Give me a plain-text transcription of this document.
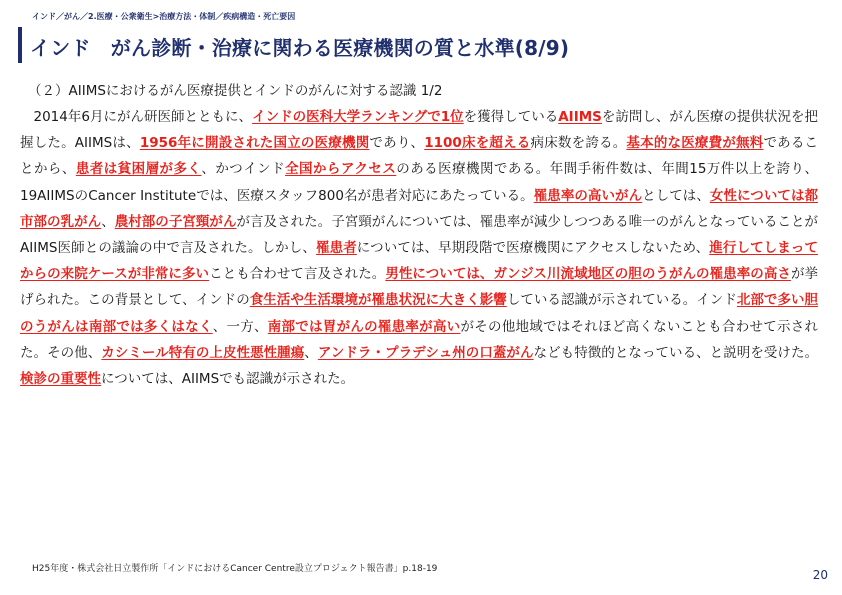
インド／がん／2.医療・公衆衛生>治療方法・体制／疾病構造・死亡要因
インド　がん診断・治療に関わる医療機関の質と水準(8/9)
（２）AIIMSにおけるがん医療提供とインドのがんに対する認識 1/2
　2014年6月にがん研医師とともに、インドの医科大学ランキングで1位を獲得しているAIIMSを訪問し、がん医療の提供状況を把握した。AIIMSは、1956年に開設された国立の医療機関であり、1100床を超える病床数を誇る。基本的な医療費が無料であることから、患者は貧困層が多く、かつインド全国からアクセスのある医療機関である。年間手術件数は、年間15万件以上を誇り、19AIIMSのCancer Instituteでは、医療スタッフ800名が患者対応にあたっている。罹患率の高いがんとしては、女性については都市部の乳がん、農村部の子宮頸がんが言及された。子宮頸がんについては、罹患率が減少しつつある唯一のがんとなっていることがAIIMS医師との議論の中で言及された。しかし、罹患者については、早期段階で医療機関にアクセスしないため、進行してしまってからの来院ケースが非常に多いことも合わせて言及された。男性については、ガンジス川流域地区の胆のうがんの罹患率の高さが挙げられた。この背景として、インドの食生活や生活環境が罹患状況に大きく影響している認識が示されている。インド北部で多い胆のうがんは南部では多くはなく、一方、南部では胃がんの罹患率が高いがその他地域ではそれほど高くないことも合わせて示された。その他、カシミール特有の上皮性悪性腫瘍、アンドラ・プラデシュ州の口蓋がんなども特徴的となっている、と説明を受けた。検診の重要性については、AIIMSでも認識が示された。
H25年度・株式会社日立製作所「インドにおけるCancer Centre設立プロジェクト報告書」p.18-19	20
